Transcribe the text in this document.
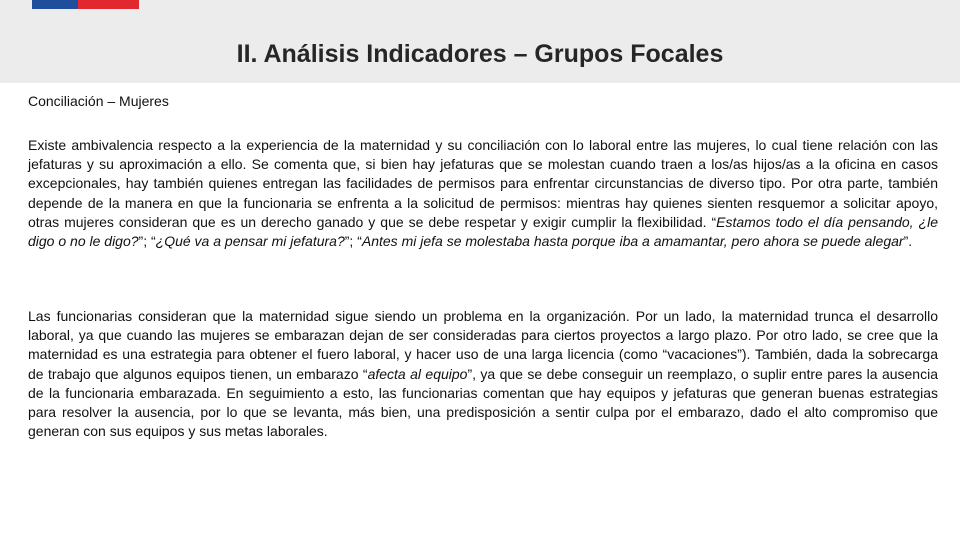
II. Análisis Indicadores – Grupos Focales
Conciliación – Mujeres

Existe ambivalencia respecto a la experiencia de la maternidad y su conciliación con lo laboral entre las mujeres, lo cual tiene relación con las jefaturas y su aproximación a ello. Se comenta que, si bien hay jefaturas que se molestan cuando traen a los/as hijos/as a la oficina en casos excepcionales, hay también quienes entregan las facilidades de permisos para enfrentar circunstancias de diverso tipo. Por otra parte, también depende de la manera en que la funcionaria se enfrenta a la solicitud de permisos: mientras hay quienes sienten resquemor a solicitar apoyo, otras mujeres consideran que es un derecho ganado y que se debe respetar y exigir cumplir la flexibilidad. “Estamos todo el día pensando, ¿le digo o no le digo?”; “¿Qué va a pensar mi jefatura?”; “Antes mi jefa se molestaba hasta porque iba a amamantar, pero ahora se puede alegar”.

Las funcionarias consideran que la maternidad sigue siendo un problema en la organización. Por un lado, la maternidad trunca el desarrollo laboral, ya que cuando las mujeres se embarazan dejan de ser consideradas para ciertos proyectos a largo plazo. Por otro lado, se cree que la maternidad es una estrategia para obtener el fuero laboral, y hacer uso de una larga licencia (como “vacaciones”). También, dada la sobrecarga de trabajo que algunos equipos tienen, un embarazo “afecta al equipo”, ya que se debe conseguir un reemplazo, o suplir entre pares la ausencia de la funcionaria embarazada. En seguimiento a esto, las funcionarias comentan que hay equipos y jefaturas que generan buenas estrategias para resolver la ausencia, por lo que se levanta, más bien, una predisposición a sentir culpa por el embarazo, dado el alto compromiso que generan con sus equipos y sus metas laborales.
